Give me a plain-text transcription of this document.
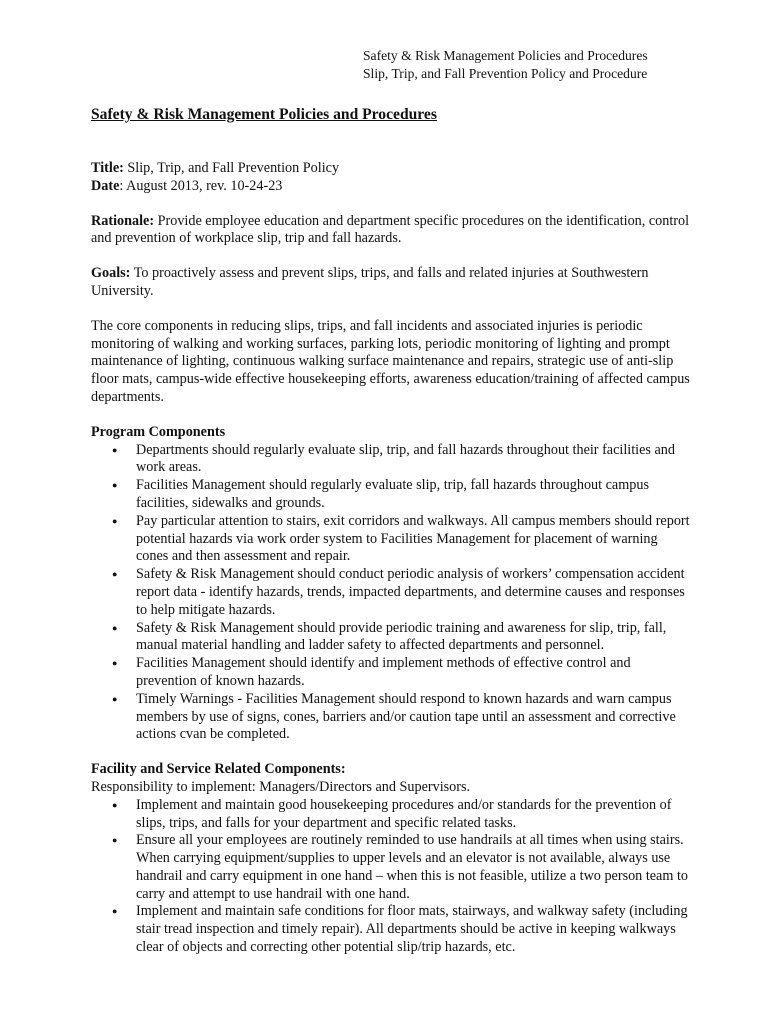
Safety & Risk Management Policies and Procedures
Slip, Trip, and Fall Prevention Policy and Procedure
Safety & Risk Management Policies and Procedures
Title: Slip, Trip, and Fall Prevention Policy
Date: August 2013, rev. 10-24-23

Rationale: Provide employee education and department specific procedures on the identification, control and prevention of workplace slip, trip and fall hazards.

Goals: To proactively assess and prevent slips, trips, and falls and related injuries at Southwestern University.

The core components in reducing slips, trips, and fall incidents and associated injuries is periodic monitoring of walking and working surfaces, parking lots, periodic monitoring of lighting and prompt maintenance of lighting, continuous walking surface maintenance and repairs, strategic use of anti-slip floor mats, campus-wide effective housekeeping efforts, awareness education/training of affected campus departments.

Program Components
● Departments should regularly evaluate slip, trip, and fall hazards throughout their facilities and work areas.
● Facilities Management should regularly evaluate slip, trip, fall hazards throughout campus facilities, sidewalks and grounds.
● Pay particular attention to stairs, exit corridors and walkways. All campus members should report potential hazards via work order system to Facilities Management for placement of warning cones and then assessment and repair.
● Safety & Risk Management should conduct periodic analysis of workers’ compensation accident report data - identify hazards, trends, impacted departments, and determine causes and responses to help mitigate hazards.
● Safety & Risk Management should provide periodic training and awareness for slip, trip, fall, manual material handling and ladder safety to affected departments and personnel.
● Facilities Management should identify and implement methods of effective control and prevention of known hazards.
● Timely Warnings - Facilities Management should respond to known hazards and warn campus members by use of signs, cones, barriers and/or caution tape until an assessment and corrective actions cvan be completed.
Facility and Service Related Components:
Responsibility to implement: Managers/Directors and Supervisors.
● Implement and maintain good housekeeping procedures and/or standards for the prevention of slips, trips, and falls for your department and specific related tasks.
● Ensure all your employees are routinely reminded to use handrails at all times when using stairs. When carrying equipment/supplies to upper levels and an elevator is not available, always use handrail and carry equipment in one hand – when this is not feasible, utilize a two person team to carry and attempt to use handrail with one hand.
● Implement and maintain safe conditions for floor mats, stairways, and walkway safety (including stair tread inspection and timely repair). All departments should be active in keeping walkways clear of objects and correcting other potential slip/trip hazards, etc.
